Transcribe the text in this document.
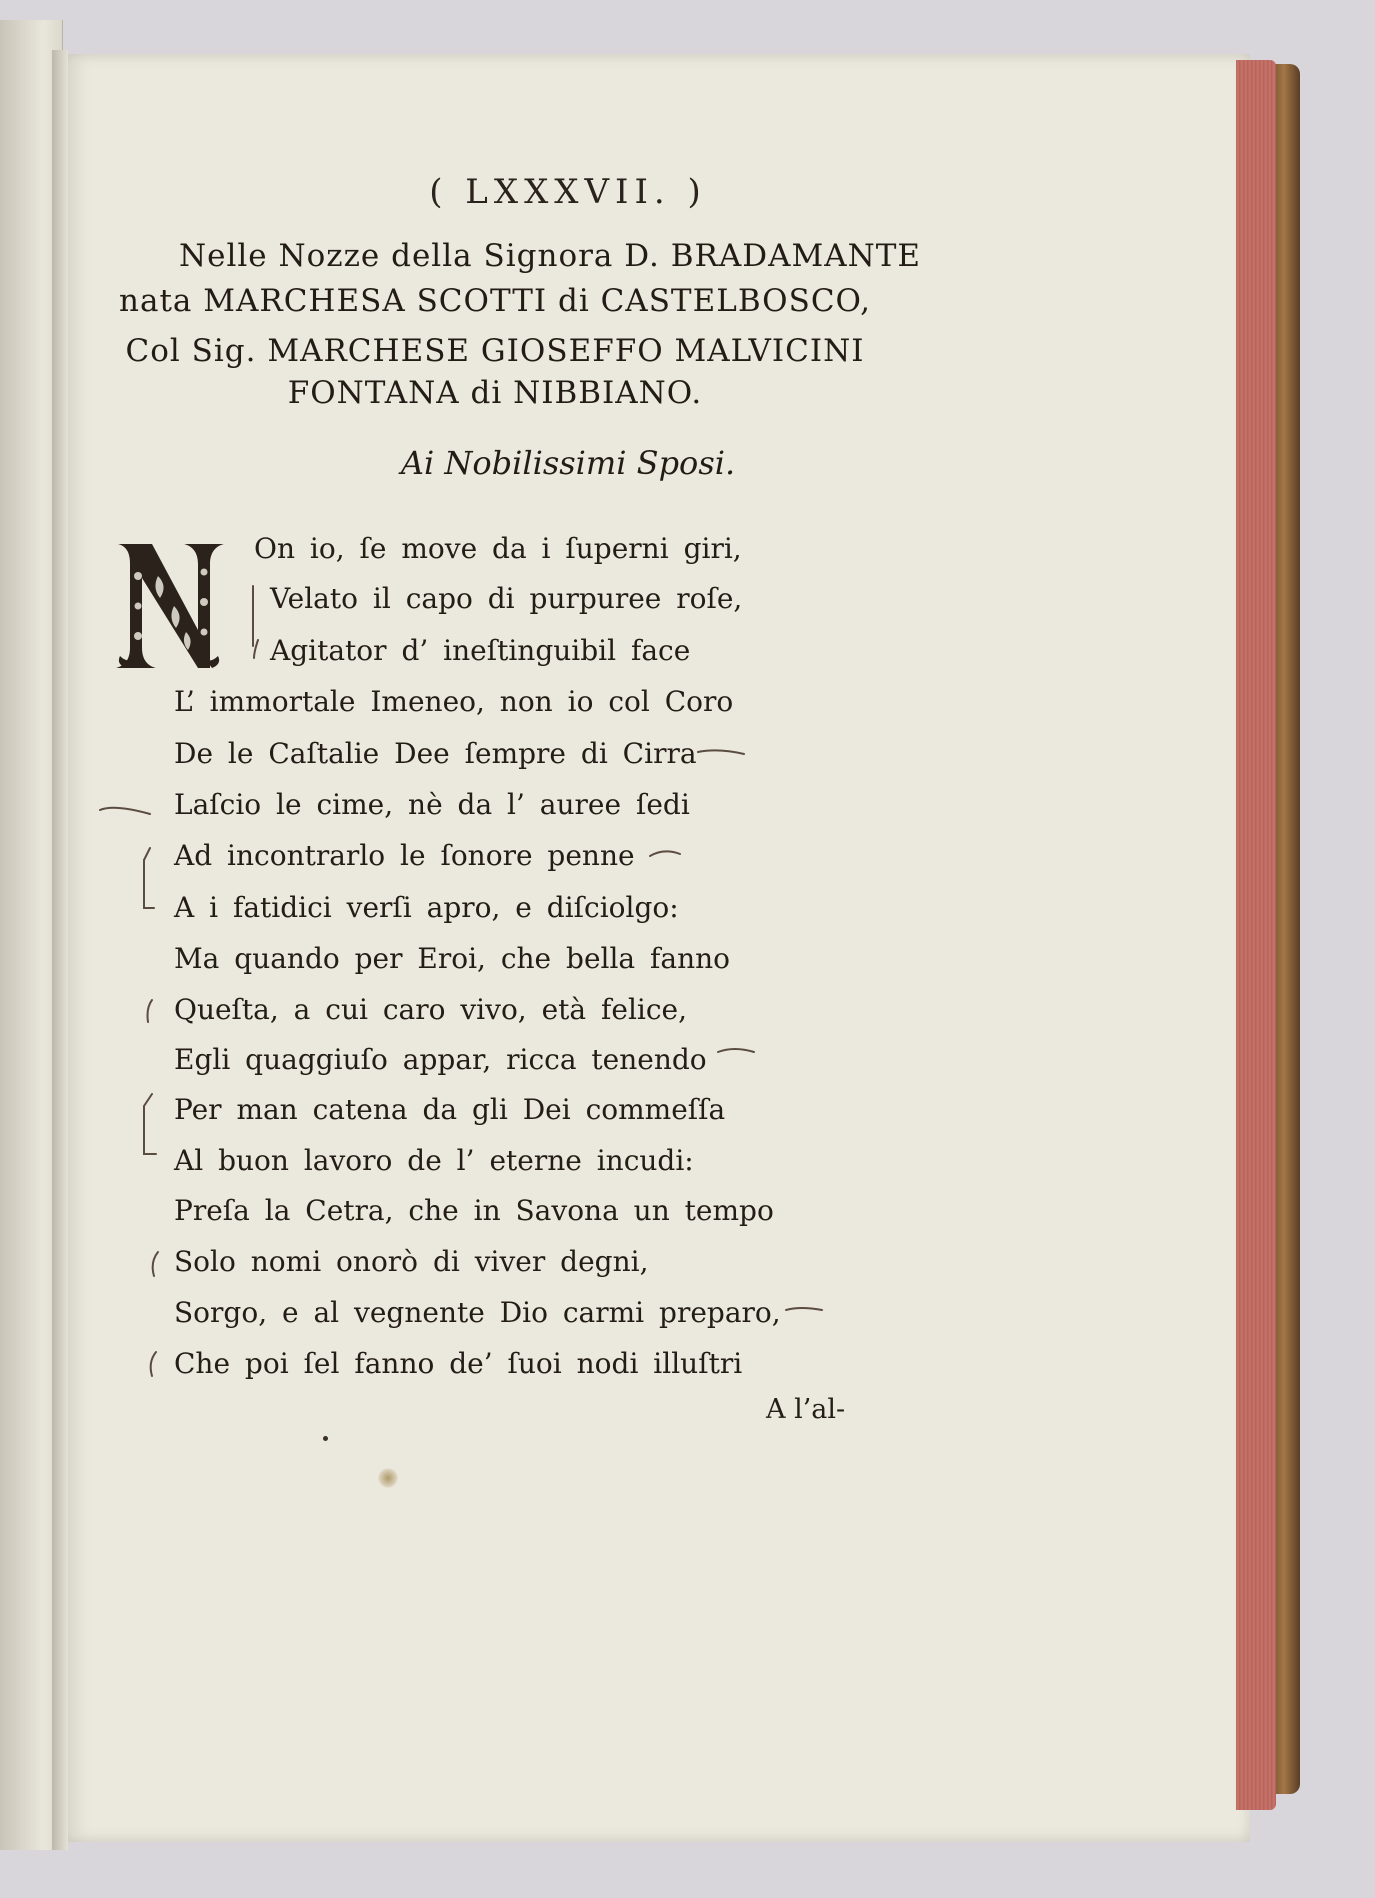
( LXXXVII. )
Nelle Nozze della Signora D. BRADAMANTE
nata MARCHESA SCOTTI di CASTELBOSCO,
Col Sig. MARCHESE GIOSEFFO MALVICINI
FONTANA di NIBBIANO.
Ai Nobilissimi Sposi.
On io, ſe move da i ſuperni giri,
Velato il capo di purpuree roſe,
Agitator d’ ineſtinguibil face
L’ immortale Imeneo, non io col Coro
De le Caſtalie Dee ſempre di Cirra
Laſcio le cime, nè da l’ auree ſedi
Ad incontrarlo le ſonore penne
A i fatidici verſi apro, e diſciolgo:
Ma quando per Eroi, che bella fanno
Queſta, a cui caro vivo, età felice,
Egli quaggiuſo appar, ricca tenendo
Per man catena da gli Dei commeſſa
Al buon lavoro de l’ eterne incudi:
Preſa la Cetra, che in Savona un tempo
Solo nomi onorò di viver degni,
Sorgo, e al vegnente Dio carmi preparo,
Che poi ſel fanno de’ ſuoi nodi illuſtri
A l’al-
